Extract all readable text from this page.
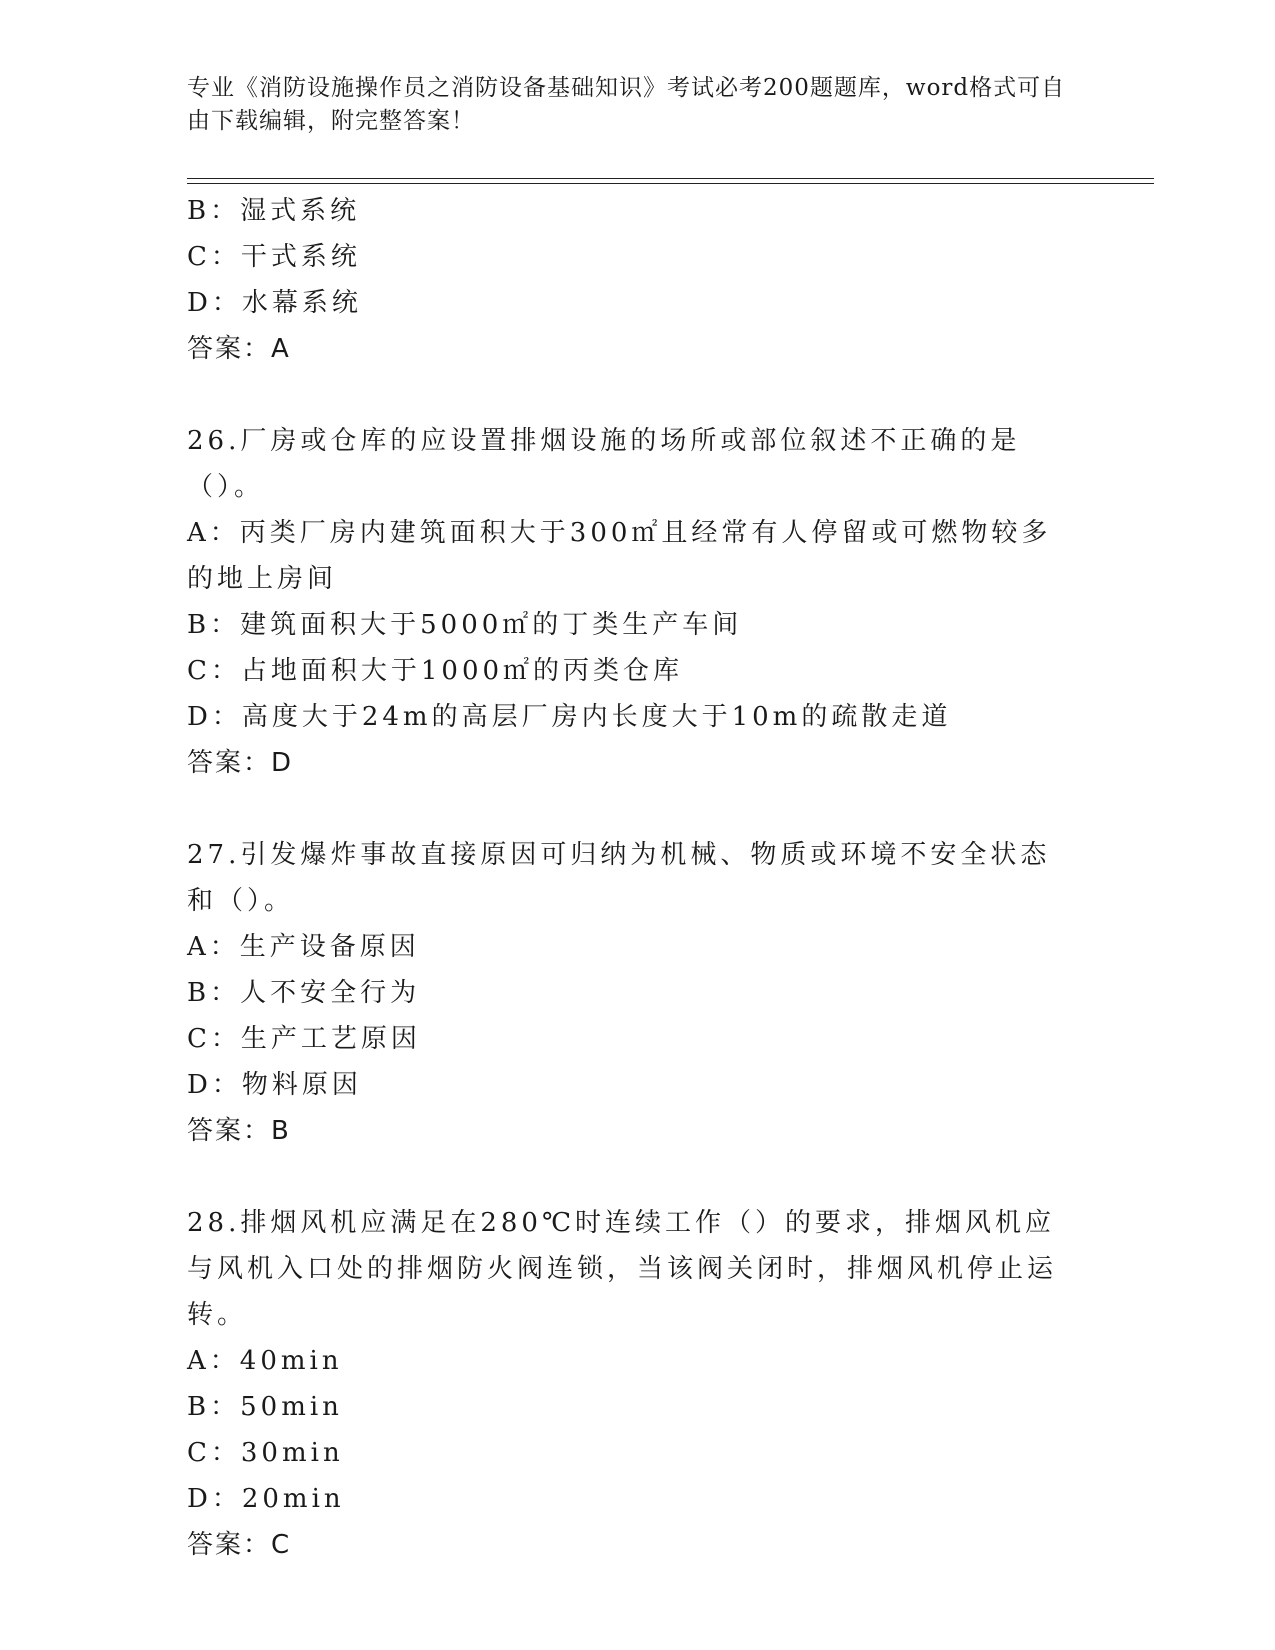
专业《消防设施操作员之消防设备基础知识》考试必考200题题库，word格式可自由下载编辑，附完整答案！

B：湿式系统
C：干式系统
D：水幕系统
答案：A
26.厂房或仓库的应设置排烟设施的场所或部位叙述不正确的是（）。
A：丙类厂房内建筑面积大于300㎡且经常有人停留或可燃物较多的地上房间
B：建筑面积大于5000㎡的丁类生产车间
C：占地面积大于1000㎡的丙类仓库
D：高度大于24m的高层厂房内长度大于10m的疏散走道
答案：D
27.引发爆炸事故直接原因可归纳为机械、物质或环境不安全状态和（）。
A：生产设备原因
B：人不安全行为
C：生产工艺原因
D：物料原因
答案：B
28.排烟风机应满足在280℃时连续工作（）的要求，排烟风机应与风机入口处的排烟防火阀连锁，当该阀关闭时，排烟风机停止运转。
A：40min
B：50min
C：30min
D：20min
答案：C
